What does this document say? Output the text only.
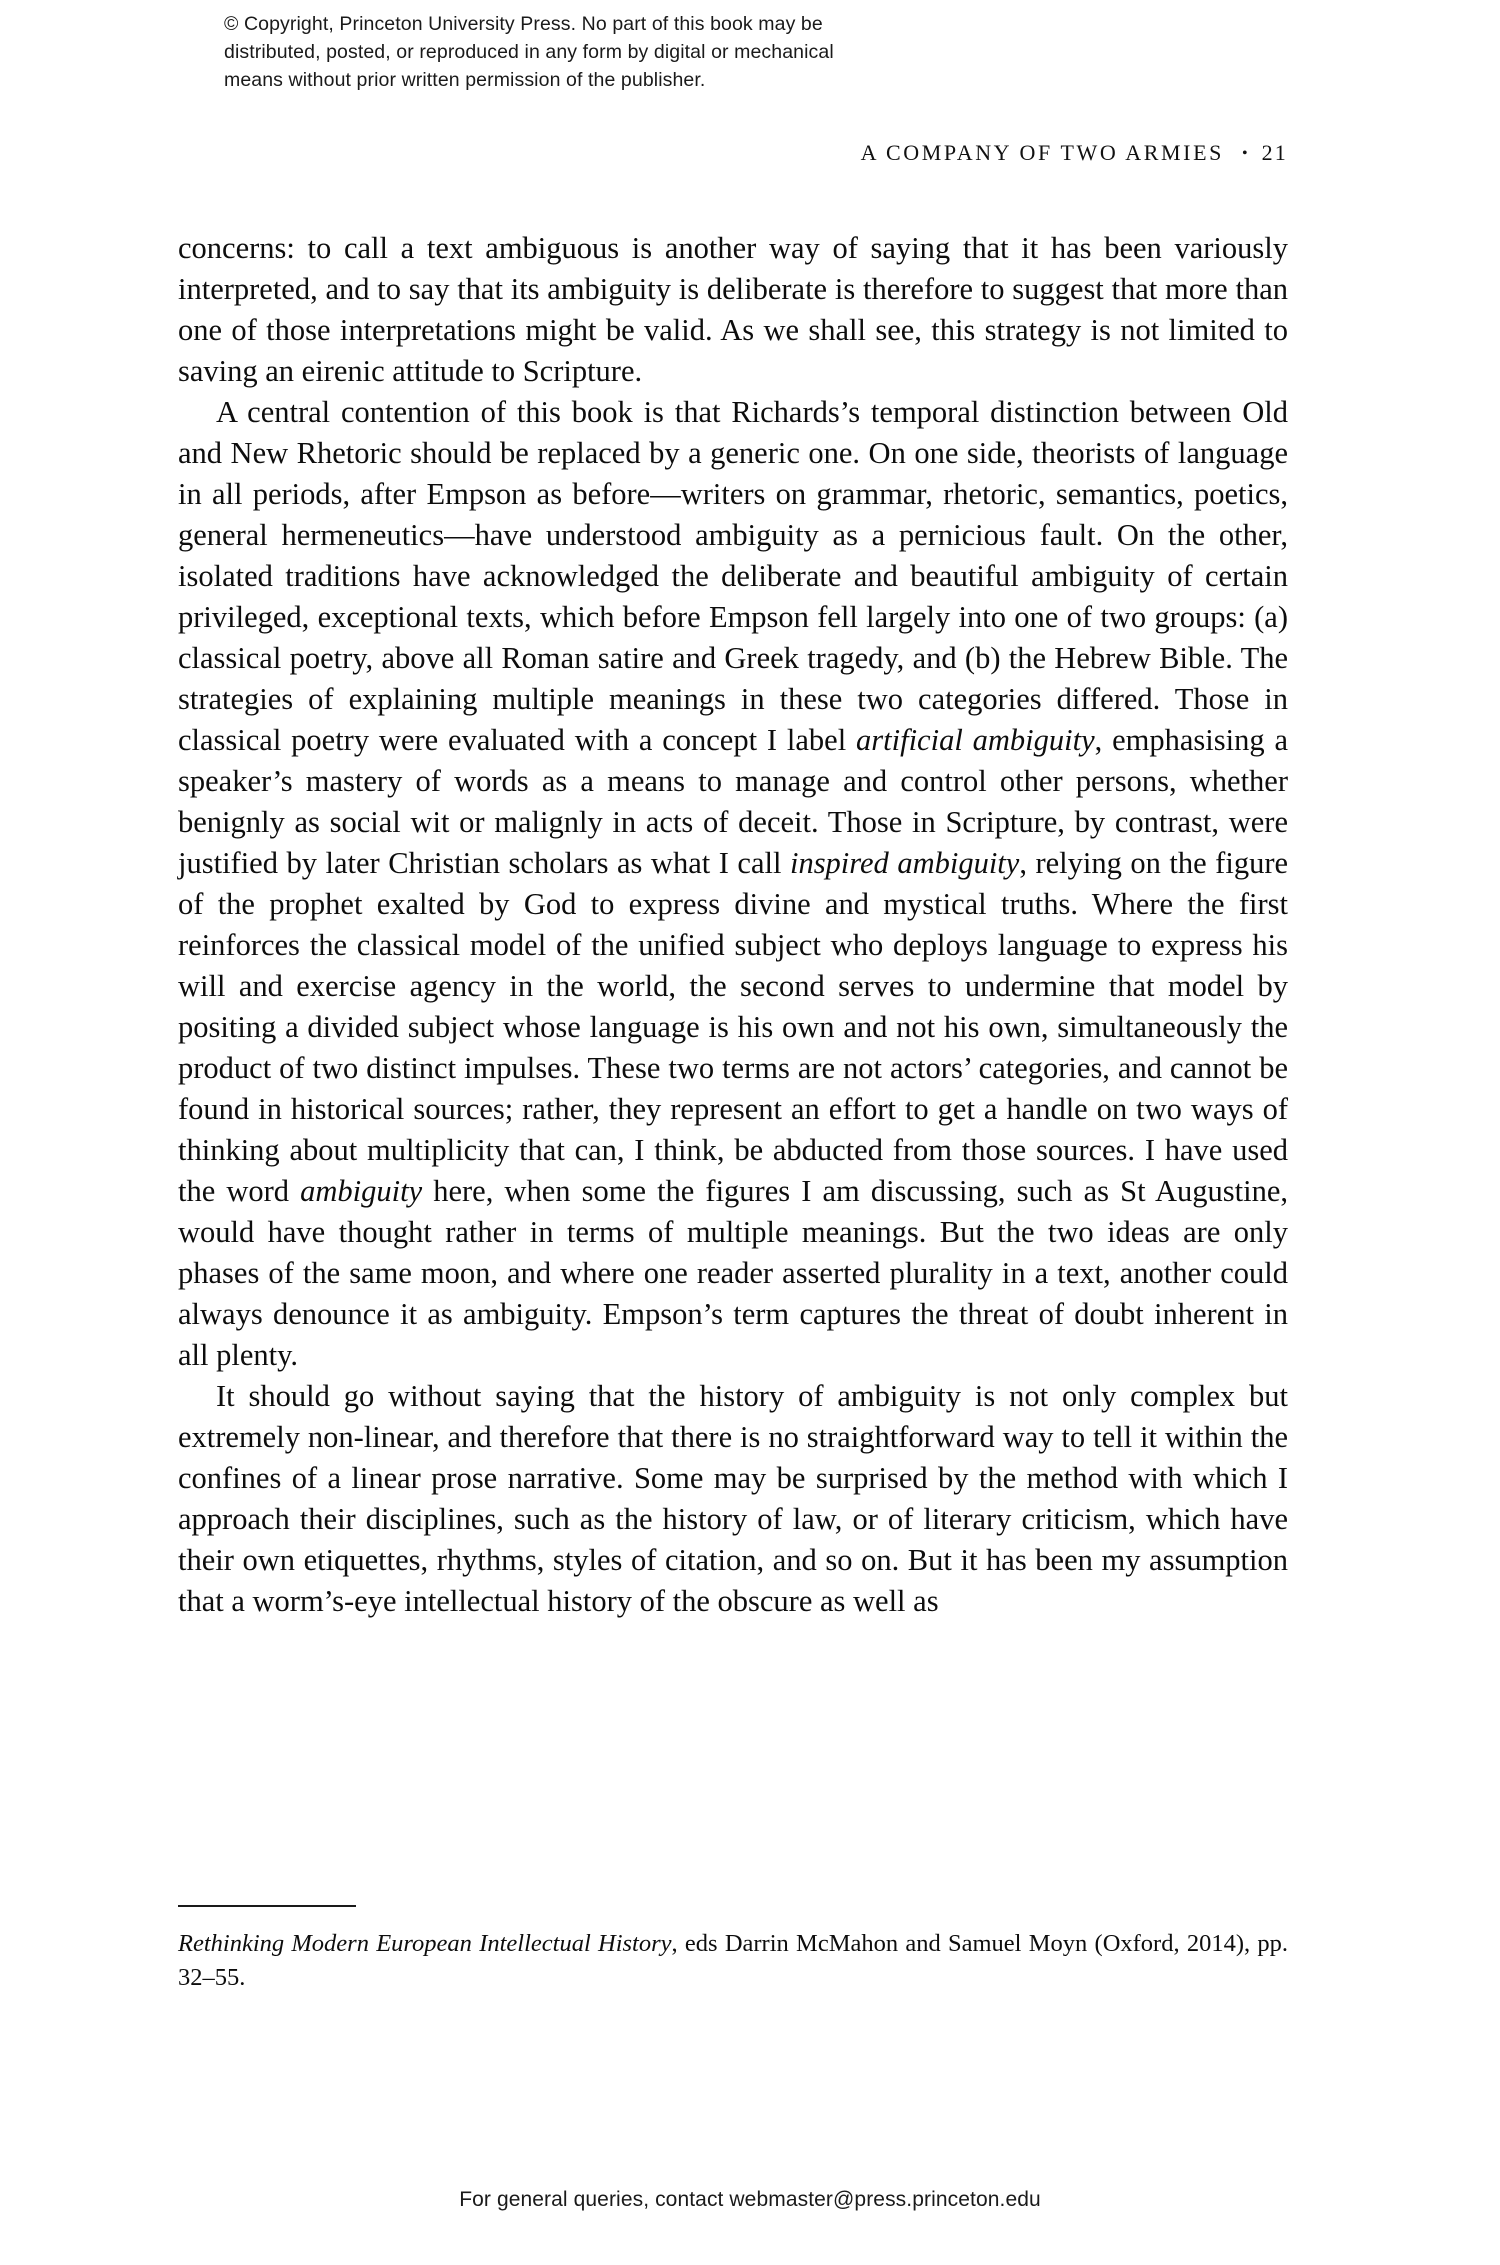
© Copyright, Princeton University Press. No part of this book may be
distributed, posted, or reproduced in any form by digital or mechanical
means without prior written permission of the publisher.
A COMPANY OF TWO ARMIES • 21

concerns: to call a text ambiguous is another way of saying that it has been variously interpreted, and to say that its ambiguity is deliberate is therefore to suggest that more than one of those interpretations might be valid. As we shall see, this strategy is not limited to saving an eirenic attitude to Scripture.

A central contention of this book is that Richards’s temporal distinction between Old and New Rhetoric should be replaced by a generic one. On one side, theorists of language in all periods, after Empson as before—writers on grammar, rhetoric, semantics, poetics, general hermeneutics—have understood ambiguity as a pernicious fault. On the other, isolated traditions have acknowledged the deliberate and beautiful ambiguity of certain privileged, exceptional texts, which before Empson fell largely into one of two groups: (a) classical poetry, above all Roman satire and Greek tragedy, and (b) the Hebrew Bible. The strategies of explaining multiple meanings in these two categories differed. Those in classical poetry were evaluated with a concept I label artificial ambiguity, emphasising a speaker’s mastery of words as a means to manage and control other persons, whether benignly as social wit or malignly in acts of deceit. Those in Scripture, by contrast, were justified by later Christian scholars as what I call inspired ambiguity, relying on the figure of the prophet exalted by God to express divine and mystical truths. Where the first reinforces the classical model of the unified subject who deploys language to express his will and exercise agency in the world, the second serves to undermine that model by positing a divided subject whose language is his own and not his own, simultaneously the product of two distinct impulses. These two terms are not actors’ categories, and cannot be found in historical sources; rather, they represent an effort to get a handle on two ways of thinking about multiplicity that can, I think, be abducted from those sources. I have used the word ambiguity here, when some the figures I am discussing, such as St Augustine, would have thought rather in terms of multiple meanings. But the two ideas are only phases of the same moon, and where one reader asserted plurality in a text, another could always denounce it as ambiguity. Empson’s term captures the threat of doubt inherent in all plenty.

It should go without saying that the history of ambiguity is not only complex but extremely non-linear, and therefore that there is no straightforward way to tell it within the confines of a linear prose narrative. Some may be surprised by the method with which I approach their disciplines, such as the history of law, or of literary criticism, which have their own etiquettes, rhythms, styles of citation, and so on. But it has been my assumption that a worm’s-eye intellectual history of the obscure as well as

Rethinking Modern European Intellectual History, eds Darrin McMahon and Samuel Moyn (Oxford, 2014), pp. 32–55.
For general queries, contact webmaster@press.princeton.edu
